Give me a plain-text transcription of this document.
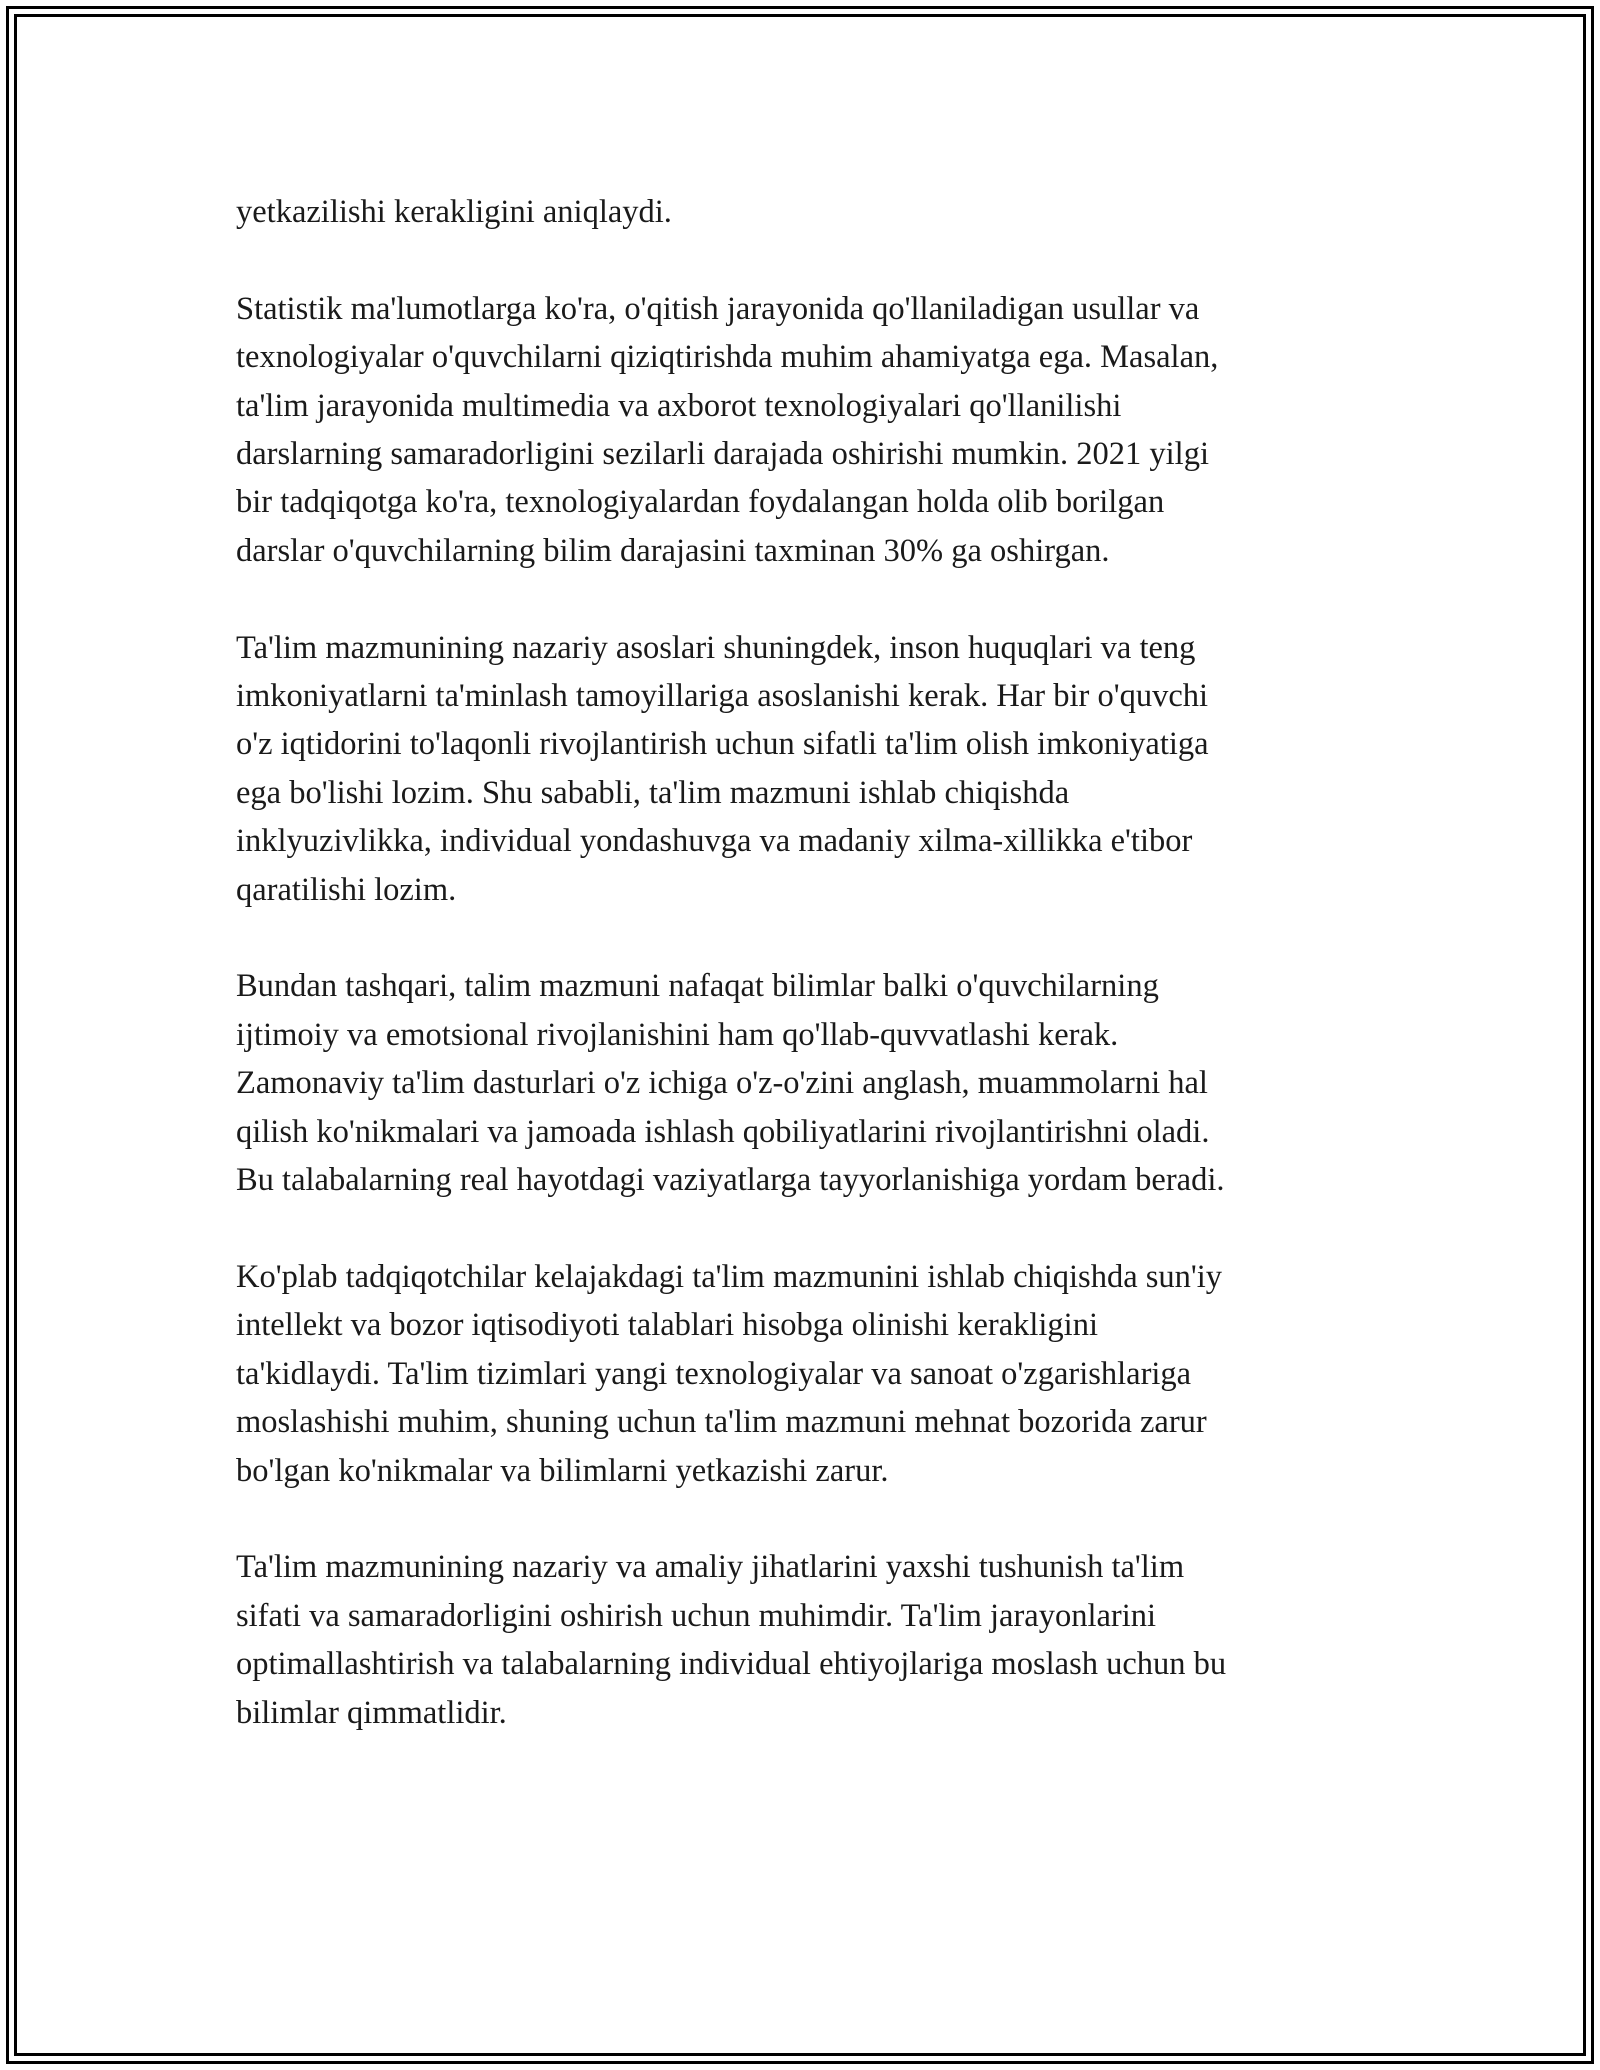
yetkazilishi kerakligini aniqlaydi.

Statistik ma'lumotlarga ko'ra, o'qitish jarayonida qo'llaniladigan usullar va
texnologiyalar o'quvchilarni qiziqtirishda muhim ahamiyatga ega. Masalan,
ta'lim jarayonida multimedia va axborot texnologiyalari qo'llanilishi
darslarning samaradorligini sezilarli darajada oshirishi mumkin. 2021 yilgi
bir tadqiqotga ko'ra, texnologiyalardan foydalangan holda olib borilgan
darslar o'quvchilarning bilim darajasini taxminan 30% ga oshirgan.

Ta'lim mazmunining nazariy asoslari shuningdek, inson huquqlari va teng
imkoniyatlarni ta'minlash tamoyillariga asoslanishi kerak. Har bir o'quvchi
o'z iqtidorini to'laqonli rivojlantirish uchun sifatli ta'lim olish imkoniyatiga
ega bo'lishi lozim. Shu sababli, ta'lim mazmuni ishlab chiqishda
inklyuzivlikka, individual yondashuvga va madaniy xilma-xillikka e'tibor
qaratilishi lozim.

Bundan tashqari, talim mazmuni nafaqat bilimlar balki o'quvchilarning
ijtimoiy va emotsional rivojlanishini ham qo'llab-quvvatlashi kerak.
Zamonaviy ta'lim dasturlari o'z ichiga o'z-o'zini anglash, muammolarni hal
qilish ko'nikmalari va jamoada ishlash qobiliyatlarini rivojlantirishni oladi.
Bu talabalarning real hayotdagi vaziyatlarga tayyorlanishiga yordam beradi.

Ko'plab tadqiqotchilar kelajakdagi ta'lim mazmunini ishlab chiqishda sun'iy
intellekt va bozor iqtisodiyoti talablari hisobga olinishi kerakligini
ta'kidlaydi. Ta'lim tizimlari yangi texnologiyalar va sanoat o'zgarishlariga
moslashishi muhim, shuning uchun ta'lim mazmuni mehnat bozorida zarur
bo'lgan ko'nikmalar va bilimlarni yetkazishi zarur.

Ta'lim mazmunining nazariy va amaliy jihatlarini yaxshi tushunish ta'lim
sifati va samaradorligini oshirish uchun muhimdir. Ta'lim jarayonlarini
optimallashtirish va talabalarning individual ehtiyojlariga moslash uchun bu
bilimlar qimmatlidir.
